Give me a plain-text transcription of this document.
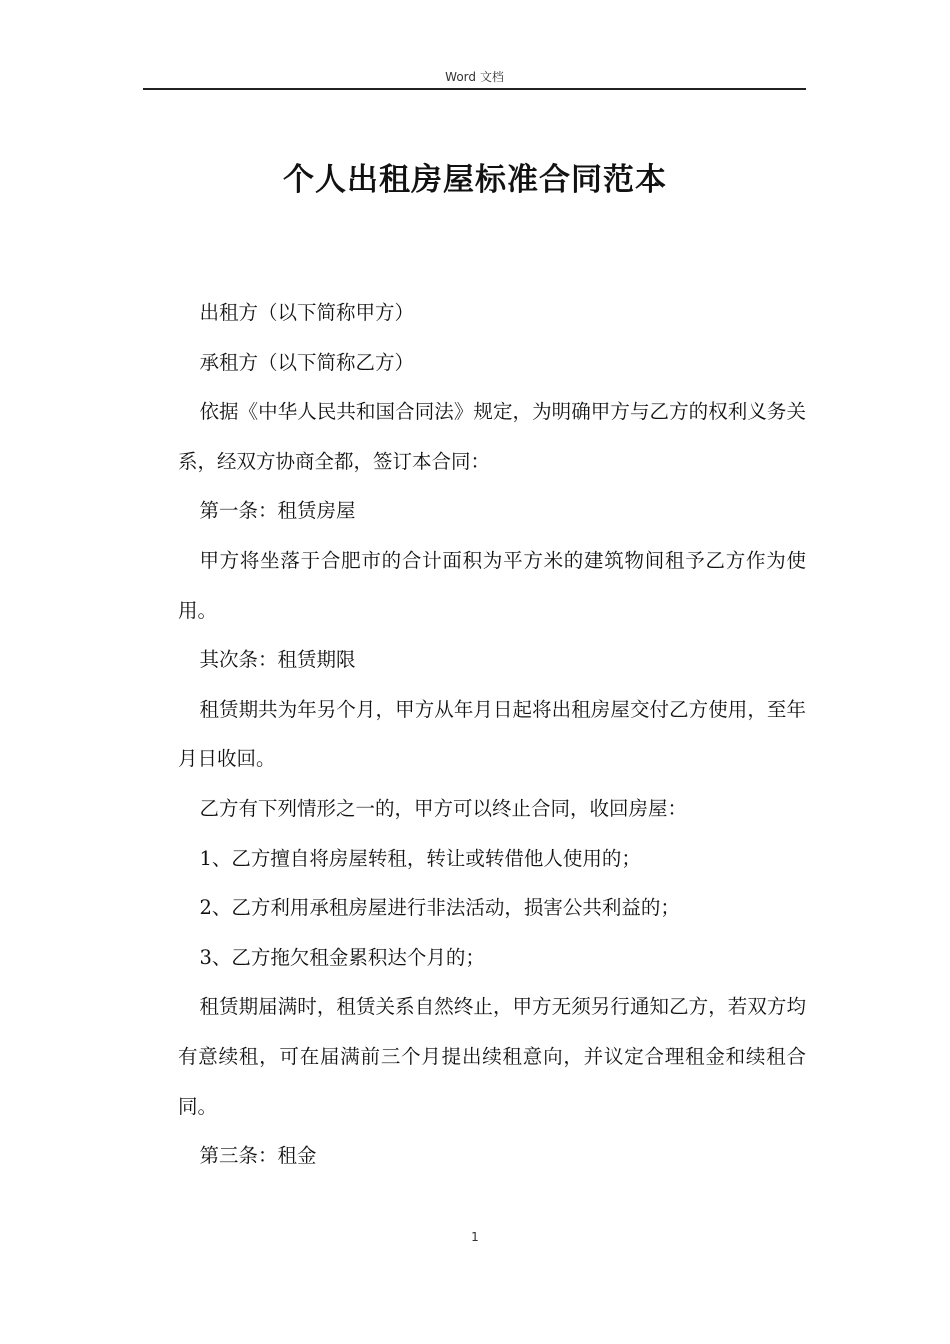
Word 文档
个人出租房屋标准合同范本

出租方（以下简称甲方）

承租方（以下简称乙方）

依据《中华人民共和国合同法》规定，为明确甲方与乙方的权利义务关系，经双方协商全都，签订本合同：

第一条：租赁房屋

甲方将坐落于合肥市的合计面积为平方米的建筑物间租予乙方作为使用。

其次条：租赁期限

租赁期共为年另个月，甲方从年月日起将出租房屋交付乙方使用，至年月日收回。

乙方有下列情形之一的，甲方可以终止合同，收回房屋：

1、乙方擅自将房屋转租，转让或转借他人使用的；

2、乙方利用承租房屋进行非法活动，损害公共利益的；

3、乙方拖欠租金累积达个月的；

租赁期届满时，租赁关系自然终止，甲方无须另行通知乙方，若双方均有意续租，可在届满前三个月提出续租意向，并议定合理租金和续租合同。

第三条：租金

1
